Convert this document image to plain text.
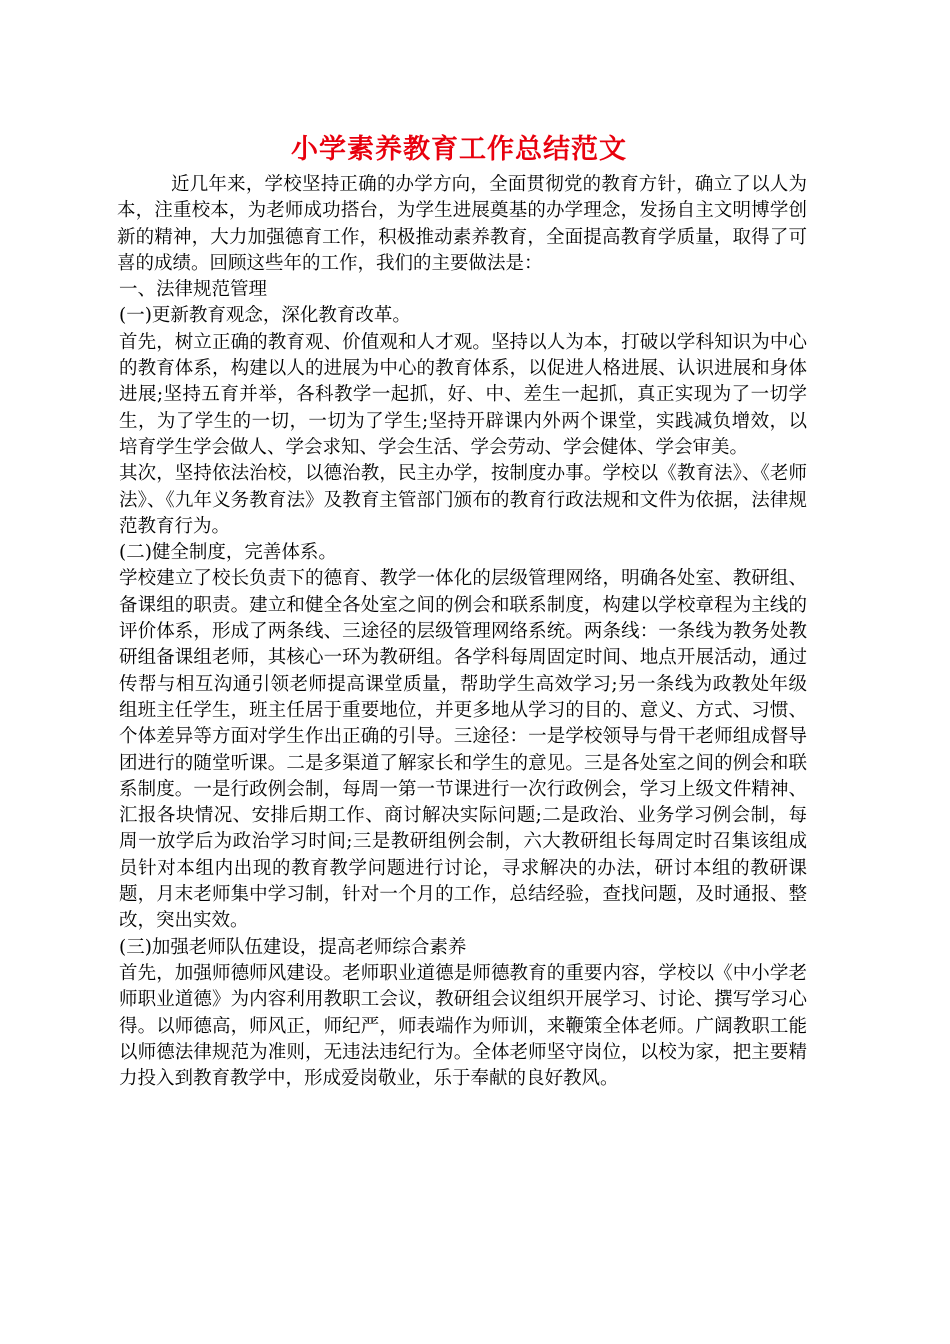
小学素养教育工作总结范文

近几年来，学校坚持正确的办学方向，全面贯彻党的教育方针，确立了以人为本，注重校本，为老师成功搭台，为学生进展奠基的办学理念，发扬自主文明博学创新的精神，大力加强德育工作，积极推动素养教育，全面提高教育学质量，取得了可喜的成绩。回顾这些年的工作，我们的主要做法是：

一、法律规范管理

(一)更新教育观念，深化教育改革。

首先，树立正确的教育观、价值观和人才观。坚持以人为本，打破以学科知识为中心的教育体系，构建以人的进展为中心的教育体系，以促进人格进展、认识进展和身体进展;坚持五育并举，各科教学一起抓，好、中、差生一起抓，真正实现为了一切学生，为了学生的一切，一切为了学生;坚持开辟课内外两个课堂，实践减负增效，以培育学生学会做人、学会求知、学会生活、学会劳动、学会健体、学会审美。

其次，坚持依法治校，以德治教，民主办学，按制度办事。学校以《教育法》、《老师法》、《九年义务教育法》及教育主管部门颁布的教育行政法规和文件为依据，法律规范教育行为。

(二)健全制度，完善体系。

学校建立了校长负责下的德育、教学一体化的层级管理网络，明确各处室、教研组、备课组的职责。建立和健全各处室之间的例会和联系制度，构建以学校章程为主线的评价体系，形成了两条线、三途径的层级管理网络系统。两条线：一条线为教务处教研组备课组老师，其核心一环为教研组。各学科每周固定时间、地点开展活动，通过传帮与相互沟通引领老师提高课堂质量，帮助学生高效学习;另一条线为政教处年级组班主任学生，班主任居于重要地位，并更多地从学习的目的、意义、方式、习惯、个体差异等方面对学生作出正确的引导。三途径：一是学校领导与骨干老师组成督导团进行的随堂听课。二是多渠道了解家长和学生的意见。三是各处室之间的例会和联系制度。一是行政例会制，每周一第一节课进行一次行政例会，学习上级文件精神、汇报各块情况、安排后期工作、商讨解决实际问题;二是政治、业务学习例会制，每周一放学后为政治学习时间;三是教研组例会制，六大教研组长每周定时召集该组成员针对本组内出现的教育教学问题进行讨论，寻求解决的办法，研讨本组的教研课题，月末老师集中学习制，针对一个月的工作，总结经验，查找问题，及时通报、整改，突出实效。

(三)加强老师队伍建设，提高老师综合素养

首先，加强师德师风建设。老师职业道德是师德教育的重要内容，学校以《中小学老师职业道德》为内容利用教职工会议，教研组会议组织开展学习、讨论、撰写学习心得。以师德高，师风正，师纪严，师表端作为师训，来鞭策全体老师。广阔教职工能以师德法律规范为准则，无违法违纪行为。全体老师坚守岗位，以校为家，把主要精力投入到教育教学中，形成爱岗敬业，乐于奉献的良好教风。
